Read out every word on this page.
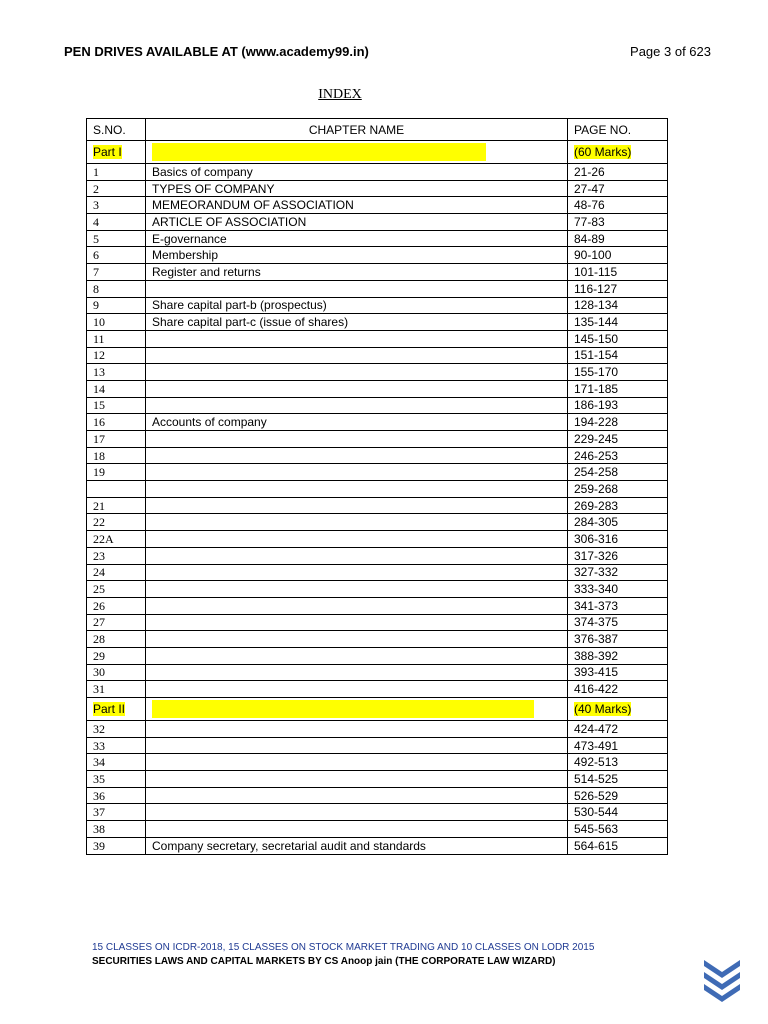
PEN DRIVES AVAILABLE AT (www.academy99.in)	Page 3 of 623
INDEX
S.NO.	CHAPTER NAME	PAGE NO.
Part I		(60 Marks)
1	Basics of company	21-26
2	TYPES OF COMPANY	27-47
3	MEMEORANDUM OF ASSOCIATION	48-76
4	ARTICLE OF ASSOCIATION	77-83
5	E-governance	84-89
6	Membership	90-100
7	Register and returns	101-115
8		116-127
9	Share capital part-b (prospectus)	128-134
10	Share capital part-c (issue of shares)	135-144
11		145-150
12		151-154
13		155-170
14		171-185
15		186-193
16	Accounts of company	194-228
17		229-245
18		246-253
19		254-258
		259-268
21		269-283
22		284-305
22A		306-316
23		317-326
24		327-332
25		333-340
26		341-373
27		374-375
28		376-387
29		388-392
30		393-415
31		416-422
Part II		(40 Marks)
32		424-472
33		473-491
34		492-513
35		514-525
36		526-529
37		530-544
38		545-563
39	Company secretary, secretarial audit and standards	564-615
15 CLASSES ON ICDR-2018, 15 CLASSES ON STOCK MARKET TRADING AND 10 CLASSES ON LODR 2015
SECURITIES LAWS AND CAPITAL MARKETS BY CS Anoop jain (THE CORPORATE LAW WIZARD)
